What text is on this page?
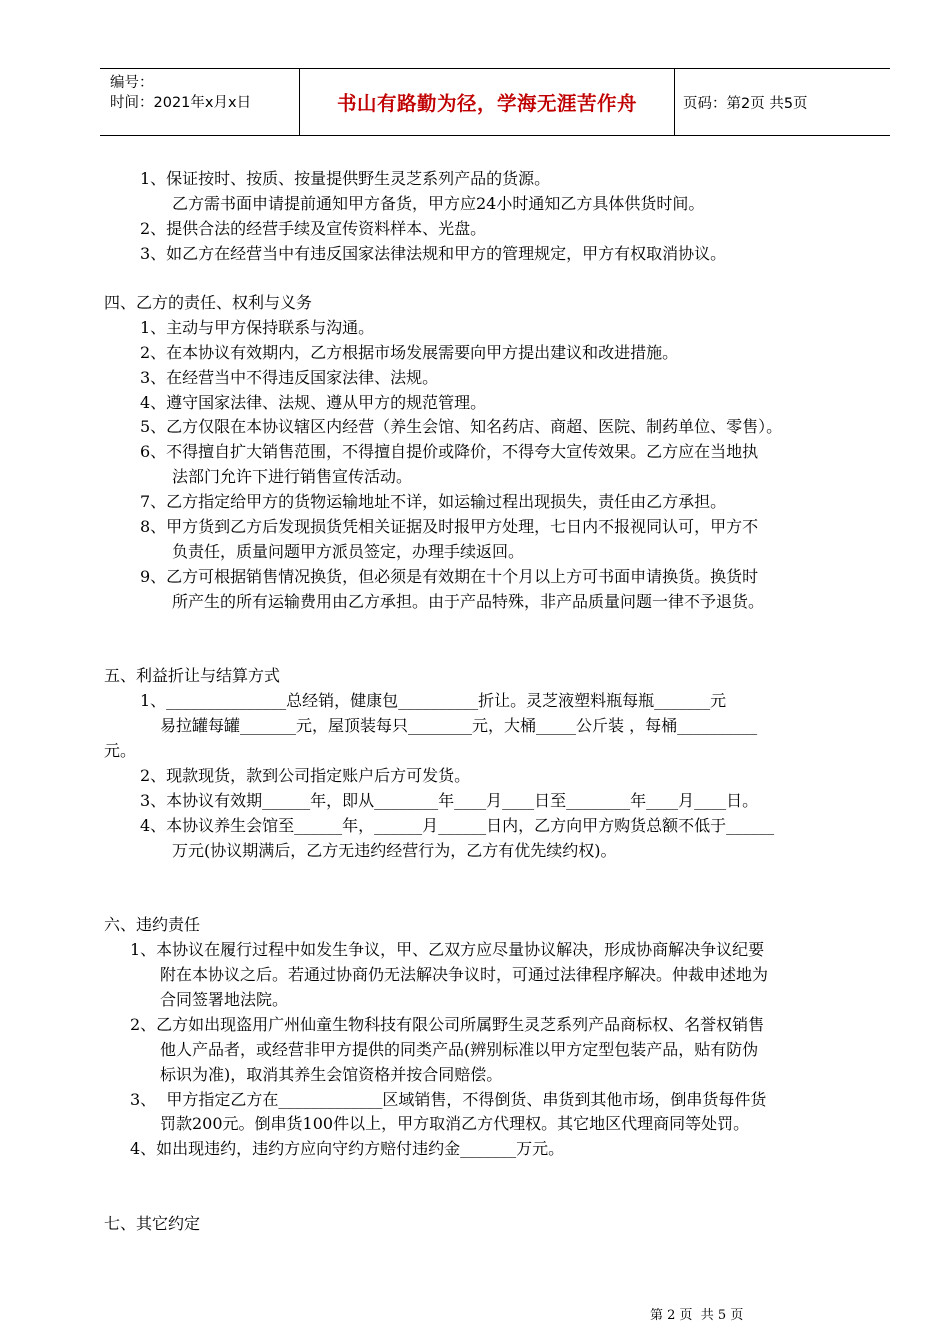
编号：
时间：2021年x月x日	书山有路勤为径，学海无涯苦作舟	页码：第2页 共5页
1、保证按时、按质、按量提供野生灵芝系列产品的货源。
乙方需书面申请提前通知甲方备货，甲方应24小时通知乙方具体供货时间。
2、提供合法的经营手续及宣传资料样本、光盘。
3、如乙方在经营当中有违反国家法律法规和甲方的管理规定，甲方有权取消协议。
四、乙方的责任、权利与义务
1、主动与甲方保持联系与沟通。
2、在本协议有效期内，乙方根据市场发展需要向甲方提出建议和改进措施。
3、在经营当中不得违反国家法律、法规。
4、遵守国家法律、法规、遵从甲方的规范管理。
5、乙方仅限在本协议辖区内经营（养生会馆、知名药店、商超、医院、制药单位、零售）。
6、不得擅自扩大销售范围，不得擅自提价或降价，不得夸大宣传效果。乙方应在当地执
法部门允许下进行销售宣传活动。
7、乙方指定给甲方的货物运输地址不详，如运输过程出现损失，责任由乙方承担。
8、甲方货到乙方后发现损货凭相关证据及时报甲方处理，七日内不报视同认可，甲方不
负责任，质量问题甲方派员签定，办理手续返回。
9、乙方可根据销售情况换货，但必须是有效期在十个月以上方可书面申请换货。换货时
所产生的所有运输费用由乙方承担。由于产品特殊，非产品质量问题一律不予退货。
五、利益折让与结算方式
1、_______________总经销，健康包__________折让。灵芝液塑料瓶每瓶_______元
易拉罐每罐_______元，屋顶装每只________元，大桶_____公斤装 ，每桶__________
元。
2、现款现货，款到公司指定账户后方可发货。
3、本协议有效期______年，即从________年____月____日至________年____月____日。
4、本协议养生会馆至______年，______月______日内，乙方向甲方购货总额不低于______
万元(协议期满后，乙方无违约经营行为，乙方有优先续约权)。
六、违约责任
1、本协议在履行过程中如发生争议，甲、乙双方应尽量协议解决，形成协商解决争议纪要
附在本协议之后。若通过协商仍无法解决争议时，可通过法律程序解决。仲裁申述地为
合同签署地法院。
2、乙方如出现盗用广州仙童生物科技有限公司所属野生灵芝系列产品商标权、名誉权销售
他人产品者，或经营非甲方提供的同类产品(辨别标准以甲方定型包装产品，贴有防伪
标识为准)，取消其养生会馆资格并按合同赔偿。
3、  甲方指定乙方在_____________区域销售，不得倒货、串货到其他市场，倒串货每件货
罚款200元。倒串货100件以上，甲方取消乙方代理权。其它地区代理商同等处罚。
4、如出现违约，违约方应向守约方赔付违约金_______万元。
七、其它约定
第 2 页  共 5 页
